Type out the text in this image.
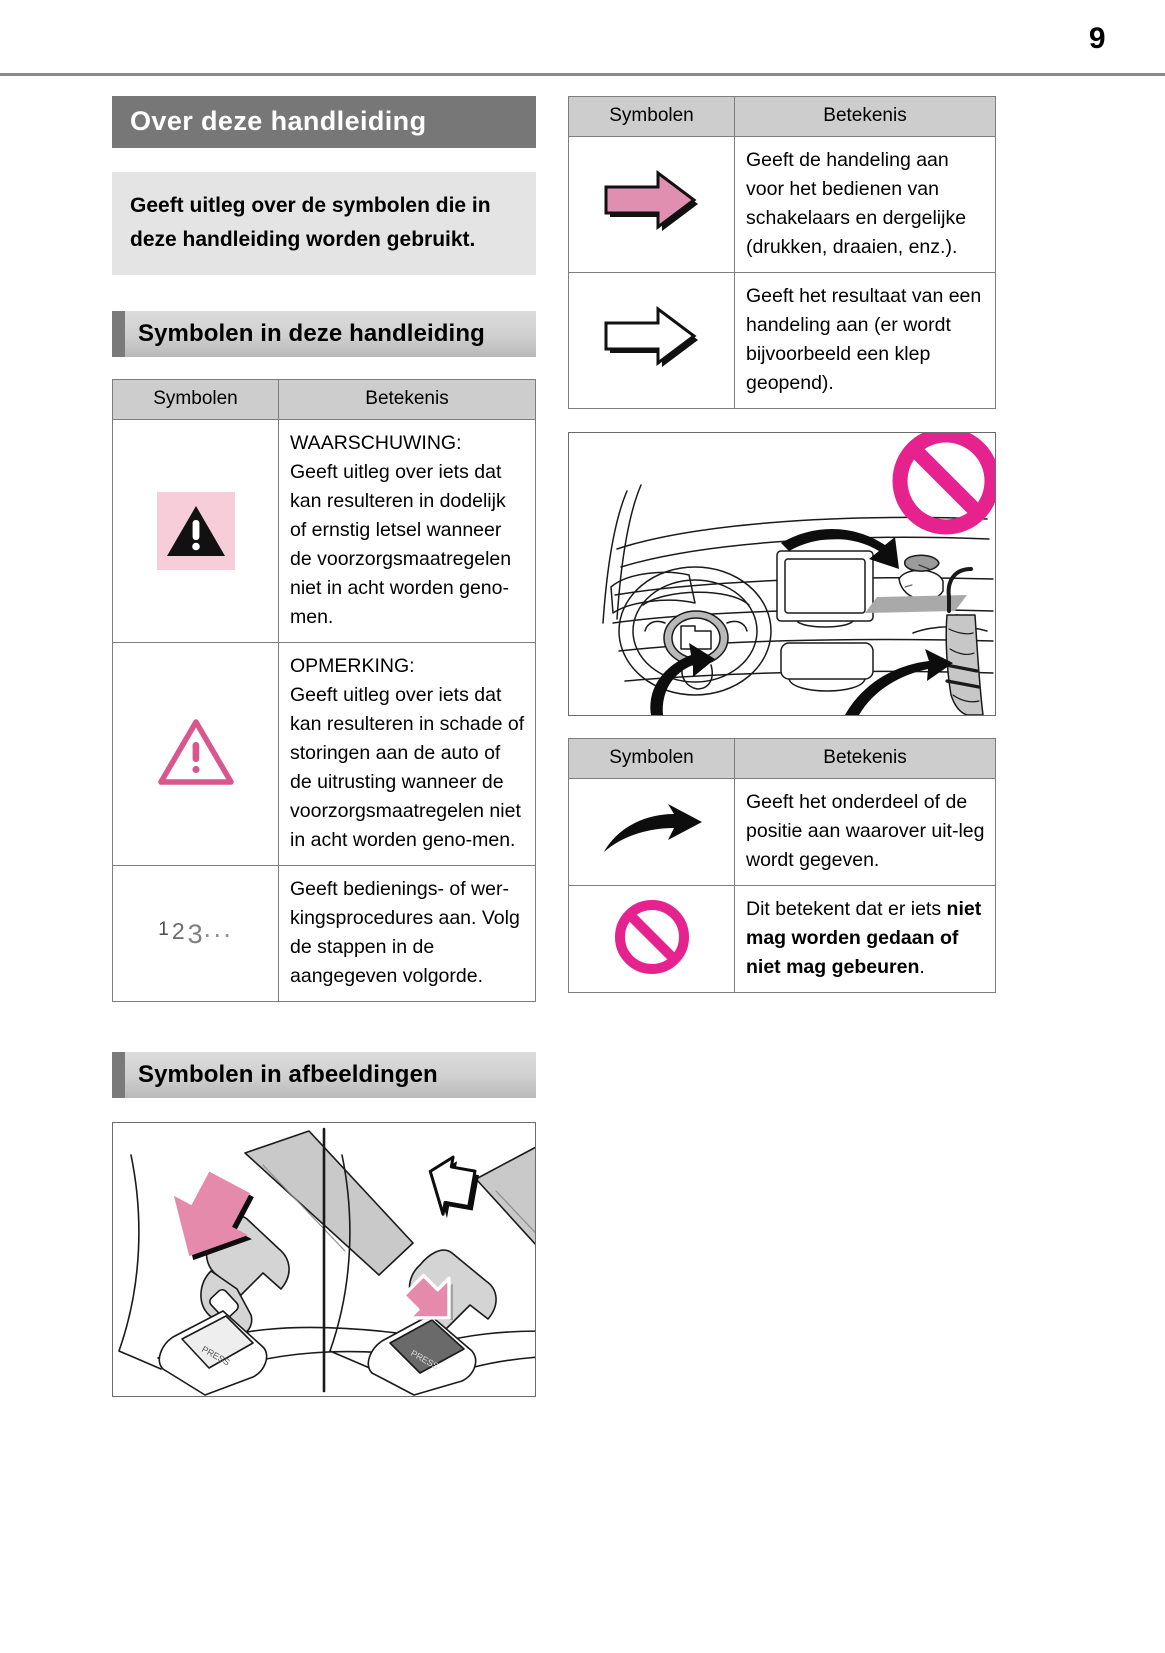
9
Over deze handleiding
Geeft uitleg over de symbolen die in deze handleiding worden gebruikt.
Symbolen in deze handleiding
Symbolen	Betekenis

WAARSCHUWING:
Geeft uitleg over iets dat kan resulteren in dodelijk of ernstig letsel wanneer de voorzorgsmaatregelen niet in acht worden geno-men.

OPMERKING:
Geeft uitleg over iets dat kan resulteren in schade of storingen aan de auto of de uitrusting wanneer de voorzorgsmaatregelen niet in acht worden geno-men.

1 2 3···	Geeft bedienings- of wer-kingsprocedures aan. Volg de stappen in de aangegeven volgorde.
Symbolen in afbeeldingen
PRESS	PRESS
Symbolen	Betekenis

	Geeft de handeling aan voor het bedienen van schakelaars en dergelijke (drukken, draaien, enz.).

	Geeft het resultaat van een handeling aan (er wordt bijvoorbeeld een klep geopend).
Symbolen	Betekenis

	Geeft het onderdeel of de positie aan waarover uit-leg wordt gegeven.

	Dit betekent dat er iets niet mag worden gedaan of niet mag gebeuren.
